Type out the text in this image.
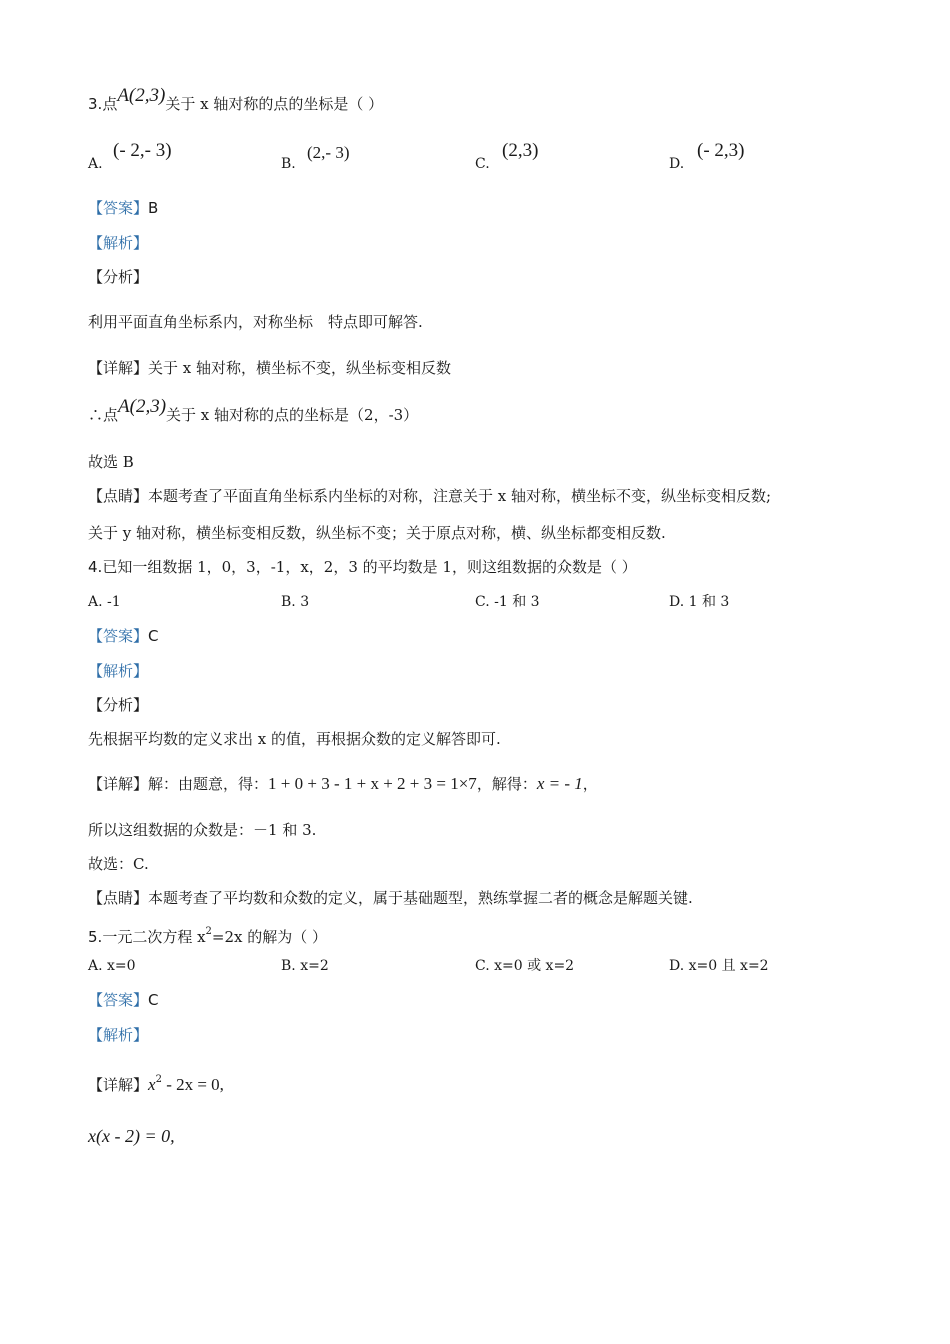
3.点A(2,3)关于 x 轴对称的点的坐标是（ ）
A.
(- 2,- 3)
B.
(2,- 3)
C.
(2,3)
D.
(- 2,3)
【答案】B
【解析】
【分析】
利用平面直角坐标系内，对称坐标　特点即可解答.
【详解】关于 x 轴对称，横坐标不变，纵坐标变相反数
∴点A(2,3)关于 x 轴对称的点的坐标是（2，-3）
故选 B
【点睛】本题考查了平面直角坐标系内坐标的对称，注意关于 x 轴对称，横坐标不变，纵坐标变相反数;
关于 y 轴对称，横坐标变相反数，纵坐标不变；关于原点对称，横、纵坐标都变相反数.
4.已知一组数据 1，0，3，-1，x，2，3 的平均数是 1，则这组数据的众数是（ ）
A. -1	B. 3	C. -1 和 3	D. 1 和 3
【答案】C
【解析】
【分析】
先根据平均数的定义求出 x 的值，再根据众数的定义解答即可.
【详解】解：由题意，得：1 + 0 + 3 - 1 + x + 2 + 3 = 1×7，解得：x = - 1，
所以这组数据的众数是：－1 和 3.
故选：C.
【点睛】本题考查了平均数和众数的定义，属于基础题型，熟练掌握二者的概念是解题关键.
5.一元二次方程 $x^2=2x$ 的解为（ ）
A. x=0	B. x=2	C. x=0 或 x=2	D. x=0 且 x=2
【答案】C
【解析】
【详解】$x^2 - 2x = 0$,
x(x - 2) = 0,
